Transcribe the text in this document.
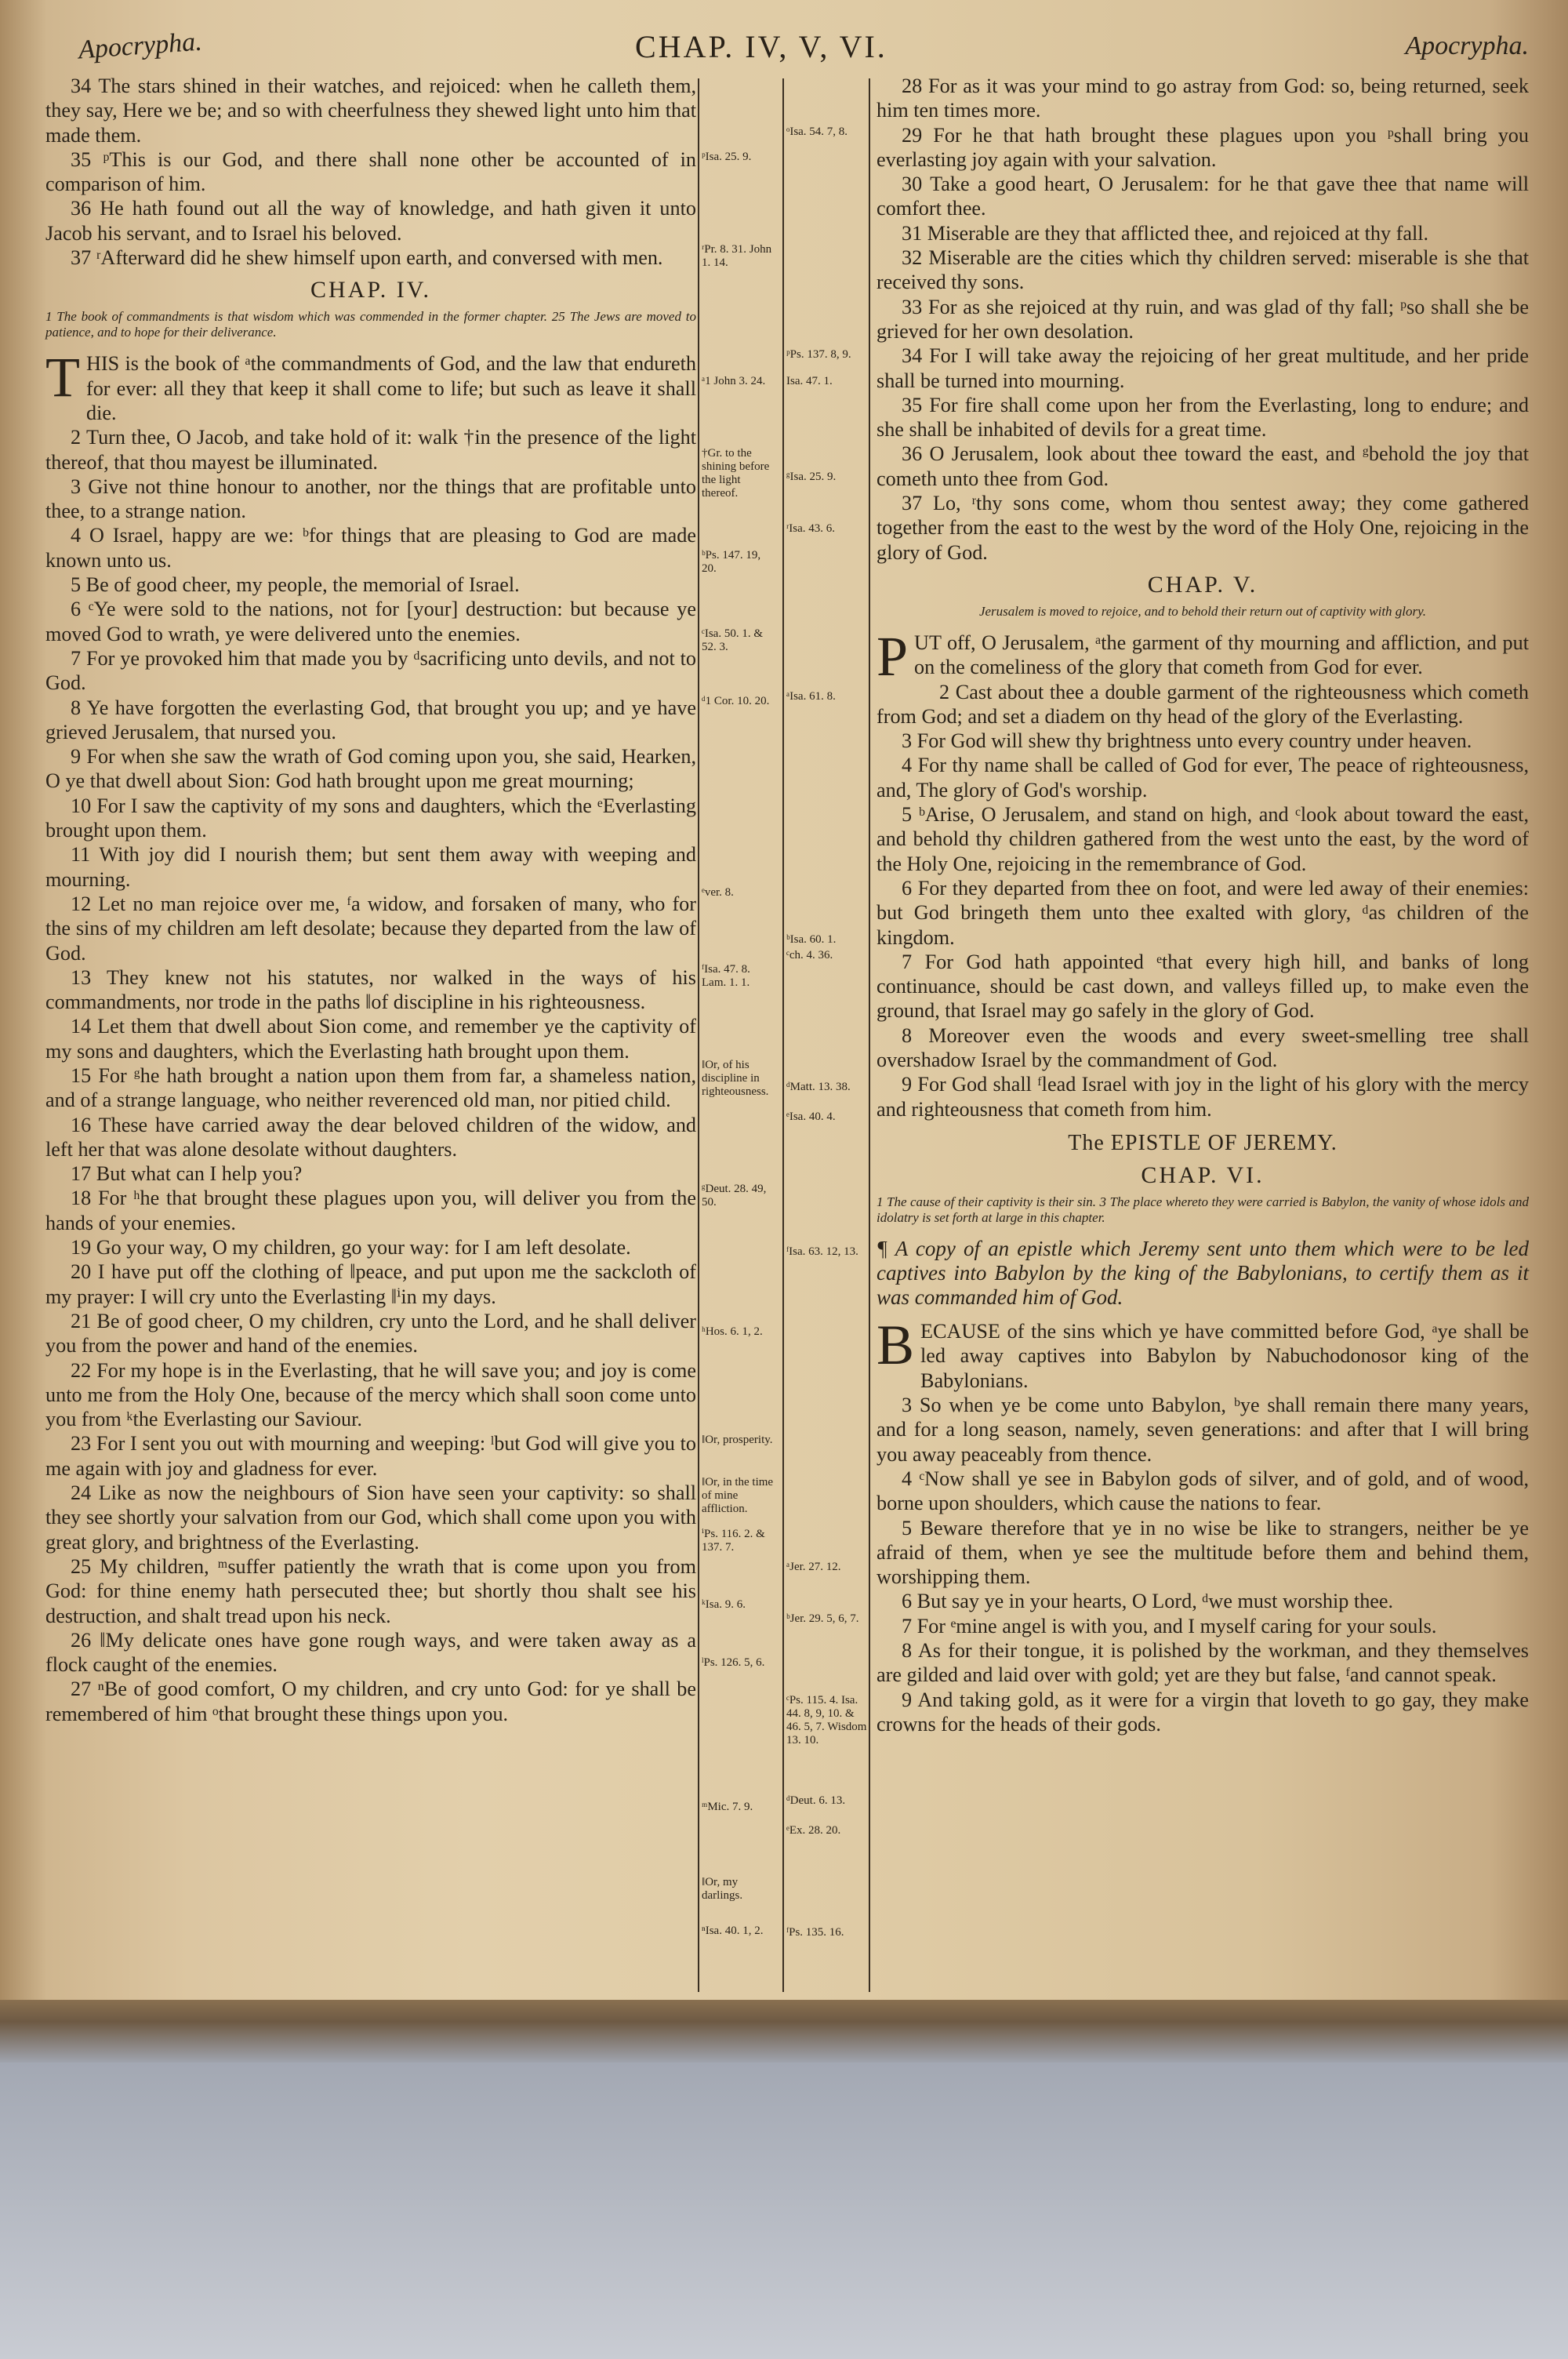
Apocrypha.	CHAP. IV, V, VI.	Apocrypha.

34 The stars shined in their watches, and rejoiced: when he calleth them, they say, Here we be; and so with cheerfulness they shewed light unto him that made them.

35 ᵖThis is our God, and there shall none other be accounted of in comparison of him.

36 He hath found out all the way of knowledge, and hath given it unto Jacob his servant, and to Israel his beloved.

37 ʳAfterward did he shew himself upon earth, and conversed with men.

CHAP. IV.
1 The book of commandments is that wisdom which was commended in the former chapter. 25 The Jews are moved to patience, and to hope for their deliverance.

THIS is the book of ᵃthe commandments of God, and the law that endureth for ever: all they that keep it shall come to life; but such as leave it shall die.

2 Turn thee, O Jacob, and take hold of it: walk †in the presence of the light thereof, that thou mayest be illuminated.

3 Give not thine honour to another, nor the things that are profitable unto thee, to a strange nation.

4 O Israel, happy are we: ᵇfor things that are pleasing to God are made known unto us.

5 Be of good cheer, my people, the memorial of Israel.

6 ᶜYe were sold to the nations, not for [your] destruction: but because ye moved God to wrath, ye were delivered unto the enemies.

7 For ye provoked him that made you by ᵈsacrificing unto devils, and not to God.

8 Ye have forgotten the everlasting God, that brought you up; and ye have grieved Jerusalem, that nursed you.

9 For when she saw the wrath of God coming upon you, she said, Hearken, O ye that dwell about Sion: God hath brought upon me great mourning;

10 For I saw the captivity of my sons and daughters, which the ᵉEverlasting brought upon them.

11 With joy did I nourish them; but sent them away with weeping and mourning.

12 Let no man rejoice over me, ᶠa widow, and forsaken of many, who for the sins of my children am left desolate; because they departed from the law of God.

13 They knew not his statutes, nor walked in the ways of his commandments, nor trode in the paths ‖of discipline in his righteousness.

14 Let them that dwell about Sion come, and remember ye the captivity of my sons and daughters, which the Everlasting hath brought upon them.

15 For ᵍhe hath brought a nation upon them from far, a shameless nation, and of a strange language, who neither reverenced old man, nor pitied child.

16 These have carried away the dear beloved children of the widow, and left her that was alone desolate without daughters.

17 But what can I help you?

18 For ʰhe that brought these plagues upon you, will deliver you from the hands of your enemies.

19 Go your way, O my children, go your way: for I am left desolate.

20 I have put off the clothing of ‖peace, and put upon me the sackcloth of my prayer: I will cry unto the Everlasting ‖ⁱin my days.

21 Be of good cheer, O my children, cry unto the Lord, and he shall deliver you from the power and hand of the enemies.

22 For my hope is in the Everlasting, that he will save you; and joy is come unto me from the Holy One, because of the mercy which shall soon come unto you from ᵏthe Everlasting our Saviour.

23 For I sent you out with mourning and weeping: ˡbut God will give you to me again with joy and gladness for ever.

24 Like as now the neighbours of Sion have seen your captivity: so shall they see shortly your salvation from our God, which shall come upon you with great glory, and brightness of the Everlasting.

25 My children, ᵐsuffer patiently the wrath that is come upon you from God: for thine enemy hath persecuted thee; but shortly thou shalt see his destruction, and shalt tread upon his neck.

26 ‖My delicate ones have gone rough ways, and were taken away as a flock caught of the enemies.

27 ⁿBe of good comfort, O my children, and cry unto God: for ye shall be remembered of him ᵒthat brought these things upon you.

ᵖIsa. 25. 9.
ʳPr. 8. 31. John 1. 14.
ᵃ1 John 3. 24.
†Gr. to the shining before the light thereof.
ᵇPs. 147. 19, 20.
ᶜIsa. 50. 1. & 52. 3.
ᵈ1 Cor. 10. 20.
ᵉver. 8.
ᶠIsa. 47. 8. Lam. 1. 1.
‖Or, of his discipline in righteousness.
ᵍDeut. 28. 49, 50.
ʰHos. 6. 1, 2.
‖Or, prosperity.
‖Or, in the time of mine affliction.
ⁱPs. 116. 2. & 137. 7.
ᵏIsa. 9. 6.
ˡPs. 126. 5, 6.
ᵐMic. 7. 9.
‖Or, my darlings.
ⁿIsa. 40. 1, 2.
ᵒIsa. 54. 7, 8.
ᵖPs. 137. 8, 9.
Isa. 47. 1.
ᵍIsa. 25. 9.
ʳIsa. 43. 6.
ᵃIsa. 61. 8.
ᵇIsa. 60. 1.
ᶜch. 4. 36.
ᵈMatt. 13. 38.
ᵉIsa. 40. 4.
ᶠIsa. 63. 12, 13.
ᵃJer. 27. 12.
ᵇJer. 29. 5, 6, 7.
ᶜPs. 115. 4. Isa. 44. 8, 9, 10. & 46. 5, 7. Wisdom 13. 10.
ᵈDeut. 6. 13.
ᵉEx. 28. 20.
ᶠPs. 135. 16.

28 For as it was your mind to go astray from God: so, being returned, seek him ten times more.

29 For he that hath brought these plagues upon you ᵖshall bring you everlasting joy again with your salvation.

30 Take a good heart, O Jerusalem: for he that gave thee that name will comfort thee.

31 Miserable are they that afflicted thee, and rejoiced at thy fall.

32 Miserable are the cities which thy children served: miserable is she that received thy sons.

33 For as she rejoiced at thy ruin, and was glad of thy fall; ᵖso shall she be grieved for her own desolation.

34 For I will take away the rejoicing of her great multitude, and her pride shall be turned into mourning.

35 For fire shall come upon her from the Everlasting, long to endure; and she shall be inhabited of devils for a great time.

36 O Jerusalem, look about thee toward the east, and ᵍbehold the joy that cometh unto thee from God.

37 Lo, ʳthy sons come, whom thou sentest away; they come gathered together from the east to the west by the word of the Holy One, rejoicing in the glory of God.

CHAP. V.
Jerusalem is moved to rejoice, and to behold their return out of captivity with glory.

PUT off, O Jerusalem, ᵃthe garment of thy mourning and affliction, and put on the comeliness of the glory that cometh from God for ever.

2 Cast about thee a double garment of the righteousness which cometh from God; and set a diadem on thy head of the glory of the Everlasting.

3 For God will shew thy brightness unto every country under heaven.

4 For thy name shall be called of God for ever, The peace of righteousness, and, The glory of God's worship.

5 ᵇArise, O Jerusalem, and stand on high, and ᶜlook about toward the east, and behold thy children gathered from the west unto the east, by the word of the Holy One, rejoicing in the remembrance of God.

6 For they departed from thee on foot, and were led away of their enemies: but God bringeth them unto thee exalted with glory, ᵈas children of the kingdom.

7 For God hath appointed ᵉthat every high hill, and banks of long continuance, should be cast down, and valleys filled up, to make even the ground, that Israel may go safely in the glory of God.

8 Moreover even the woods and every sweet-smelling tree shall overshadow Israel by the commandment of God.

9 For God shall ᶠlead Israel with joy in the light of his glory with the mercy and righteousness that cometh from him.

The EPISTLE OF JEREMY.
CHAP. VI.
1 The cause of their captivity is their sin. 3 The place whereto they were carried is Babylon, the vanity of whose idols and idolatry is set forth at large in this chapter.
¶ A copy of an epistle which Jeremy sent unto them which were to be led captives into Babylon by the king of the Babylonians, to certify them as it was commanded him of God.

BECAUSE of the sins which ye have committed before God, ᵃye shall be led away captives into Babylon by Nabuchodonosor king of the Babylonians.

3 So when ye be come unto Babylon, ᵇye shall remain there many years, and for a long season, namely, seven generations: and after that I will bring you away peaceably from thence.

4 ᶜNow shall ye see in Babylon gods of silver, and of gold, and of wood, borne upon shoulders, which cause the nations to fear.

5 Beware therefore that ye in no wise be like to strangers, neither be ye afraid of them, when ye see the multitude before them and behind them, worshipping them.

6 But say ye in your hearts, O Lord, ᵈwe must worship thee.

7 For ᵉmine angel is with you, and I myself caring for your souls.

8 As for their tongue, it is polished by the workman, and they themselves are gilded and laid over with gold; yet are they but false, ᶠand cannot speak.

9 And taking gold, as it were for a virgin that loveth to go gay, they make crowns for the heads of their gods.
